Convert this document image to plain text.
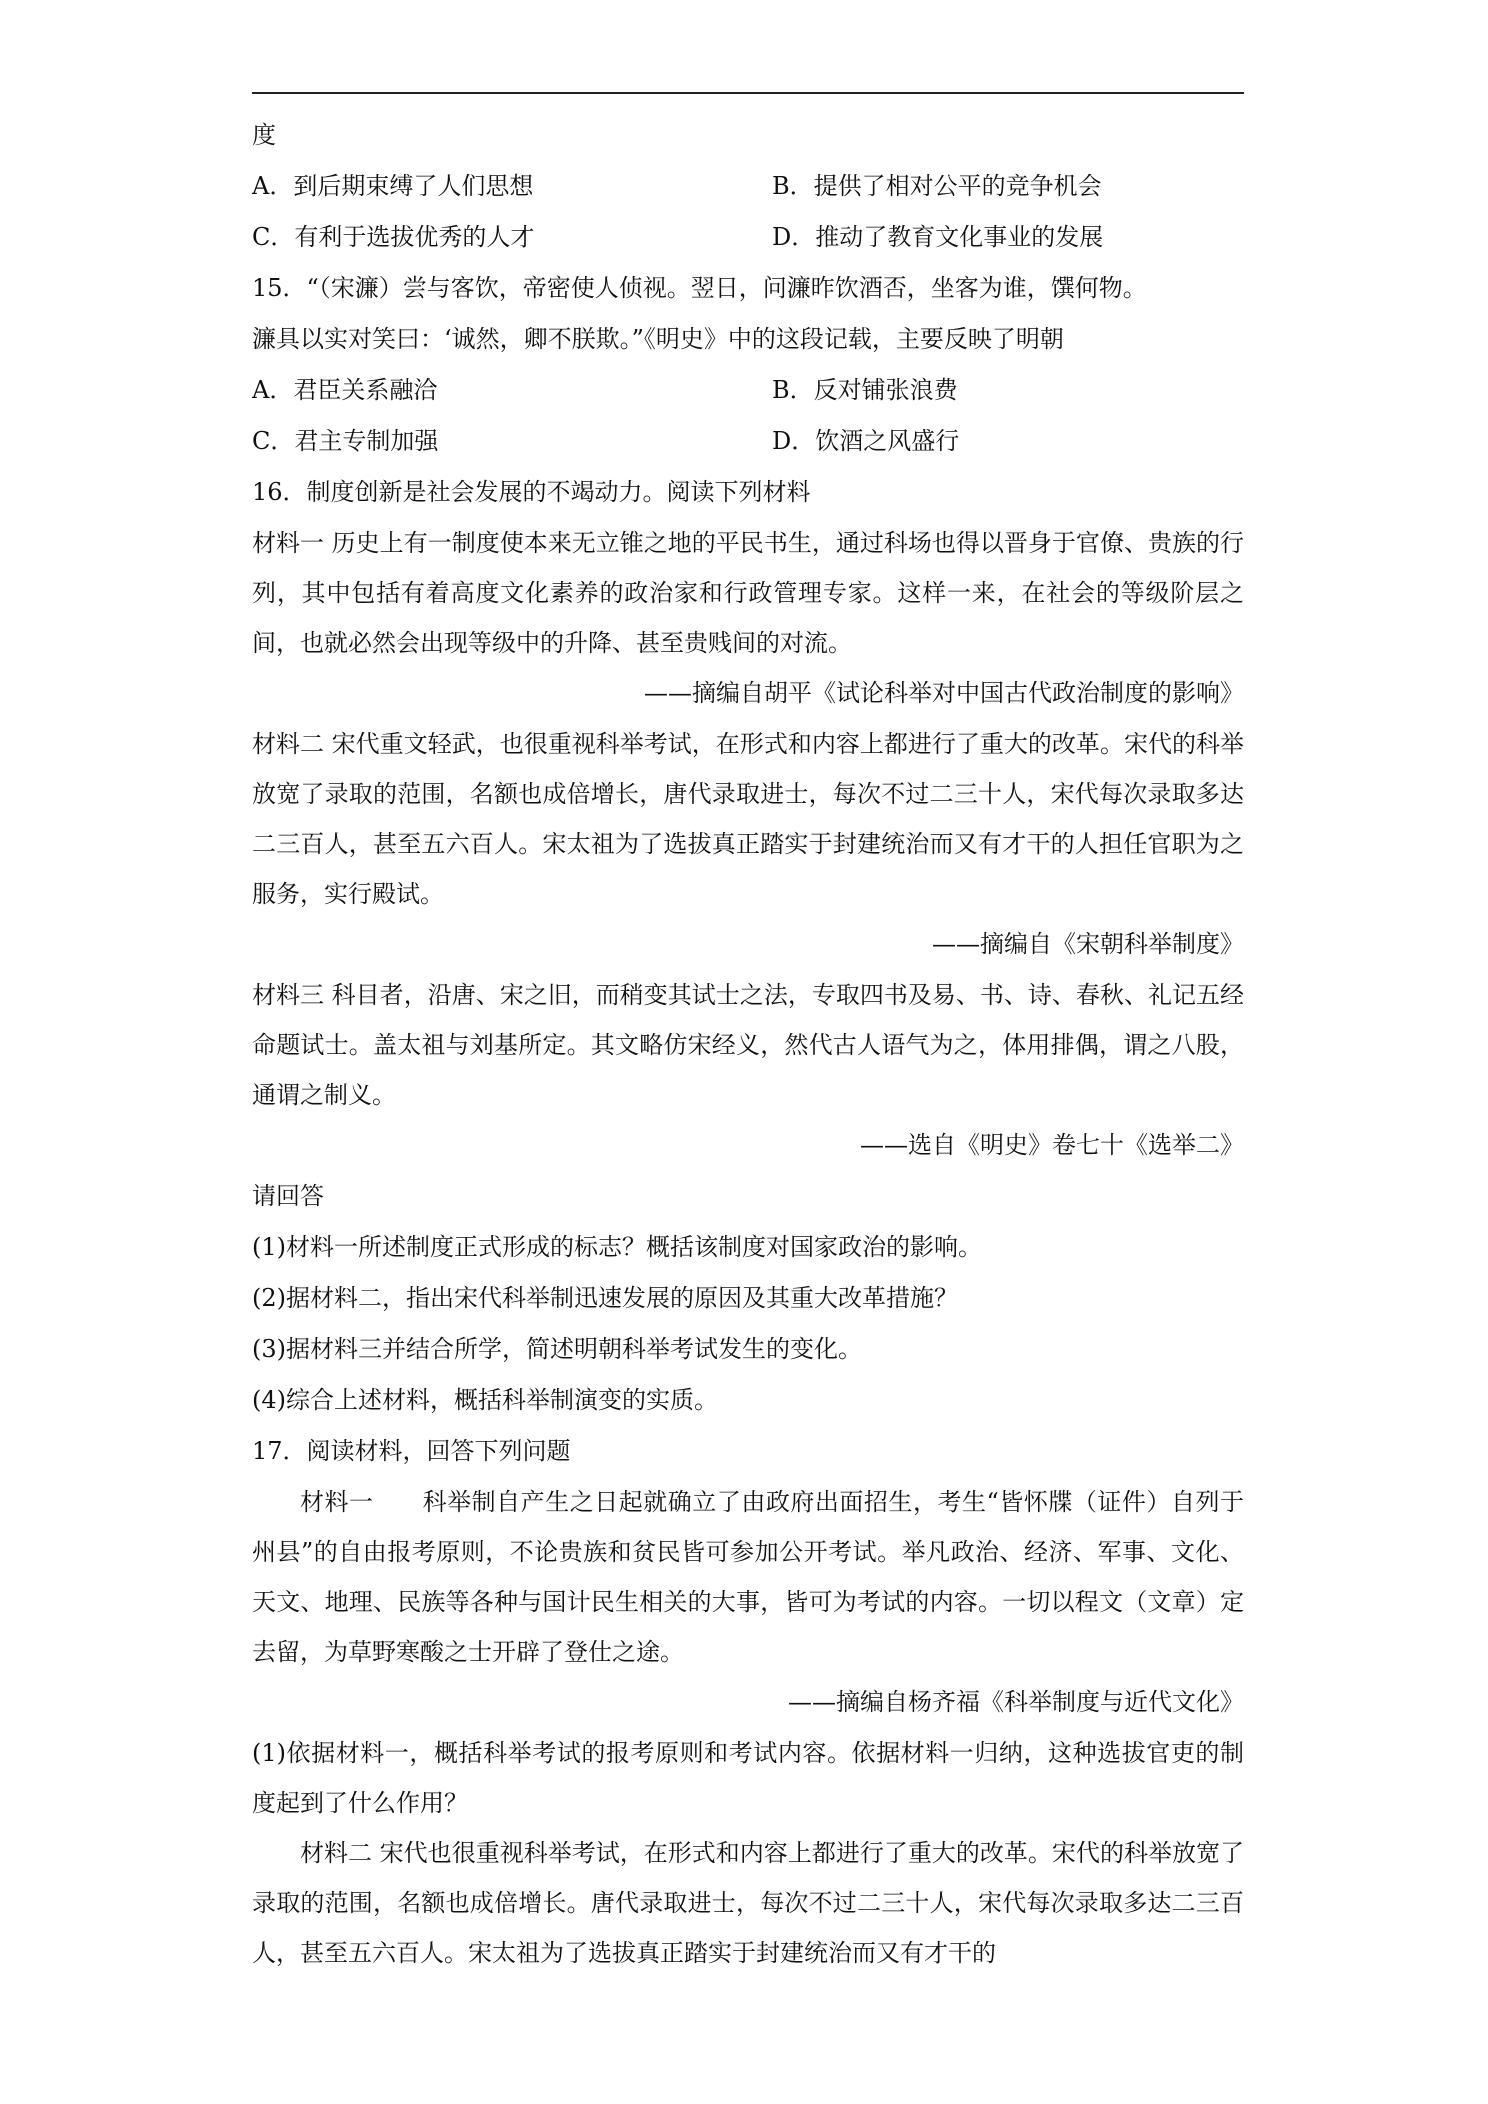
度
A．到后期束缚了人们思想	B．提供了相对公平的竞争机会
C．有利于选拔优秀的人才	D．推动了教育文化事业的发展
15．“（宋濂）尝与客饮，帝密使人侦视。翌日，问濂昨饮酒否，坐客为谁，馔何物。
濂具以实对笑曰：‘诚然，卿不朕欺。”《明史》中的这段记载，主要反映了明朝
A．君臣关系融洽	B．反对铺张浪费
C．君主专制加强	D．饮酒之风盛行
16．制度创新是社会发展的不竭动力。阅读下列材料

材料一 历史上有一制度使本来无立锥之地的平民书生，通过科场也得以晋身于官僚、贵族的行列，其中包括有着高度文化素养的政治家和行政管理专家。这样一来，在社会的等级阶层之间，也就必然会出现等级中的升降、甚至贵贱间的对流。

——摘编自胡平《试论科举对中国古代政治制度的影响》

材料二 宋代重文轻武，也很重视科举考试，在形式和内容上都进行了重大的改革。宋代的科举放宽了录取的范围，名额也成倍增长，唐代录取进士，每次不过二三十人，宋代每次录取多达二三百人，甚至五六百人。宋太祖为了选拔真正踏实于封建统治而又有才干的人担任官职为之服务，实行殿试。

——摘编自《宋朝科举制度》

材料三 科目者，沿唐、宋之旧，而稍变其试士之法，专取四书及易、书、诗、春秋、礼记五经命题试士。盖太祖与刘基所定。其文略仿宋经义，然代古人语气为之，体用排偶，谓之八股，通谓之制义。

——选自《明史》卷七十《选举二》
请回答
(1)材料一所述制度正式形成的标志？概括该制度对国家政治的影响。
(2)据材料二，指出宋代科举制迅速发展的原因及其重大改革措施？
(3)据材料三并结合所学，简述明朝科举考试发生的变化。
(4)综合上述材料，概括科举制演变的实质。
17．阅读材料，回答下列问题

材料一　　科举制自产生之日起就确立了由政府出面招生，考生“皆怀牒（证件）自列于州县”的自由报考原则，不论贵族和贫民皆可参加公开考试。举凡政治、经济、军事、文化、天文、地理、民族等各种与国计民生相关的大事，皆可为考试的内容。一切以程文（文章）定去留，为草野寒酸之士开辟了登仕之途。

——摘编自杨齐福《科举制度与近代文化》

(1)依据材料一，概括科举考试的报考原则和考试内容。依据材料一归纳，这种选拔官吏的制度起到了什么作用？

材料二 宋代也很重视科举考试，在形式和内容上都进行了重大的改革。宋代的科举放宽了录取的范围，名额也成倍增长。唐代录取进士，每次不过二三十人，宋代每次录取多达二三百人，甚至五六百人。宋太祖为了选拔真正踏实于封建统治而又有才干的
